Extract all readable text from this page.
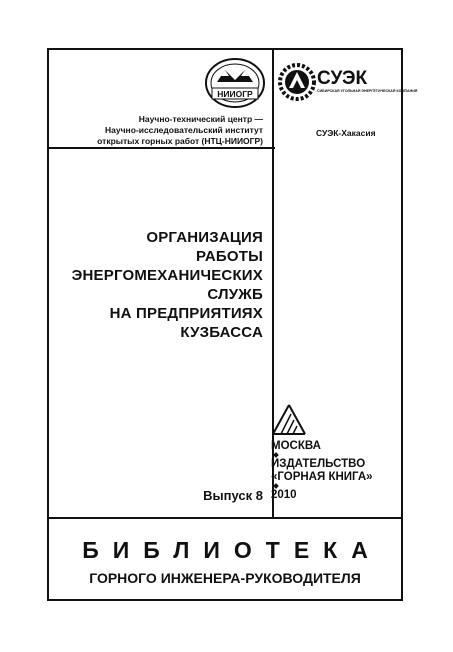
НИИОГР
СУЭК
СИБИРСКАЯ УГОЛЬНАЯ ЭНЕРГЕТИЧЕСКАЯ КОМПАНИЯ
Научно-технический центр —
Научно-исследовательский институт
открытых горных работ (НТЦ-НИИОГР)
СУЭК-Хакасия
ОРГАНИЗАЦИЯ
РАБОТЫ
ЭНЕРГОМЕХАНИЧЕСКИХ
СЛУЖБ
НА ПРЕДПРИЯТИЯХ
КУЗБАССА
Выпуск 8
МОСКВА
ИЗДАТЕЛЬСТВО
«ГОРНАЯ КНИГА»
2010
БИБЛИОТЕКА
ГОРНОГО ИНЖЕНЕРА-РУКОВОДИТЕЛЯ
